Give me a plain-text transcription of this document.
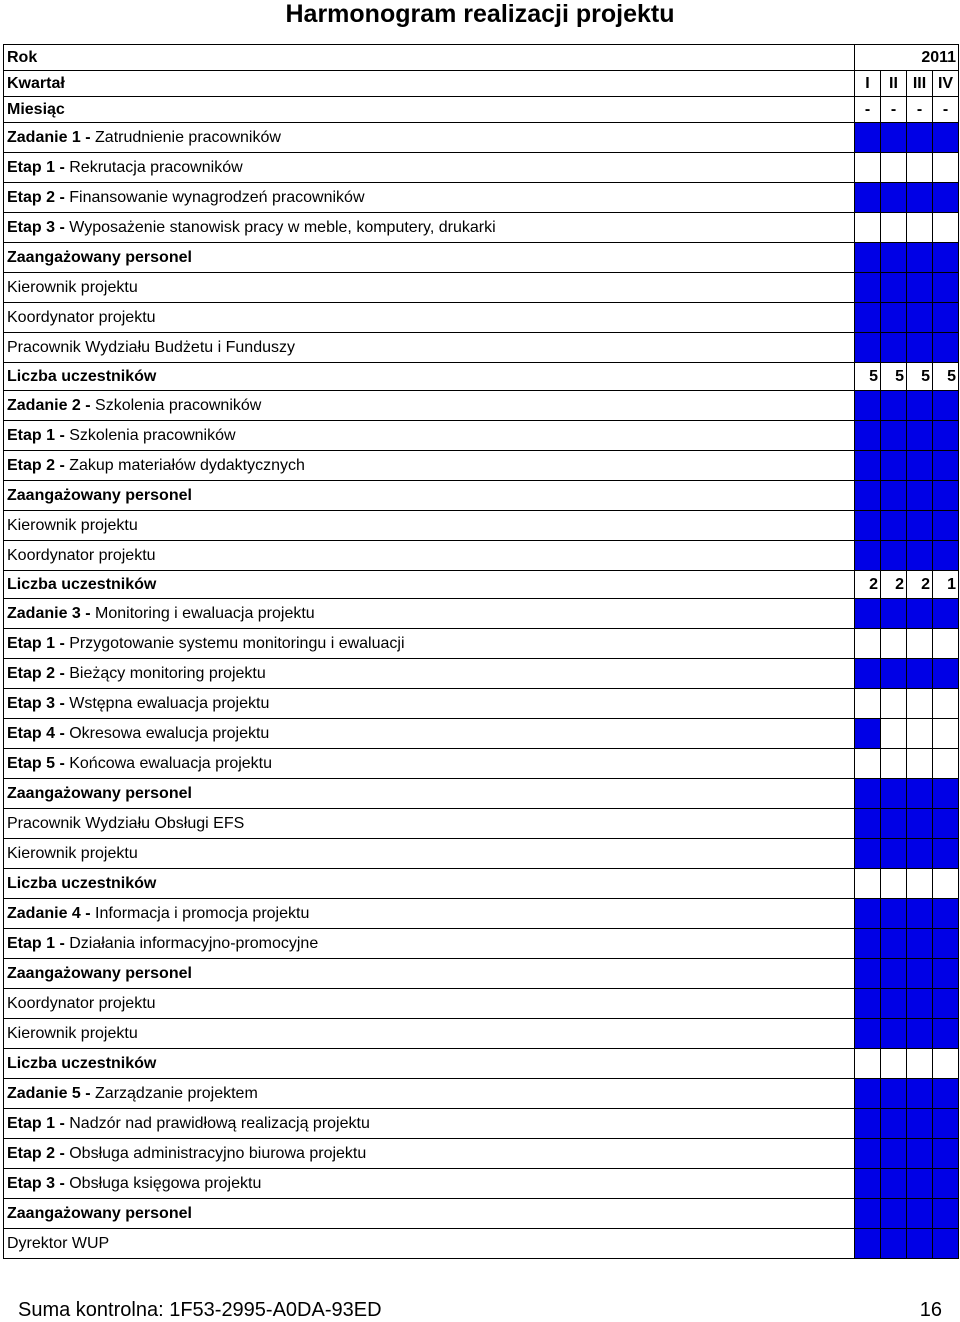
Harmonogram realizacji projektu
Rok	2011			
Kwartał	I	II	III	IV
Miesiąc	-	-	-	-
Zadanie 1 - Zatrudnienie pracowników				
Etap 1 - Rekrutacja pracowników				
Etap 2 - Finansowanie wynagrodzeń pracowników				
Etap 3 - Wyposażenie stanowisk pracy w meble, komputery, drukarki				
Zaangażowany personel				
Kierownik projektu				
Koordynator projektu				
Pracownik Wydziału Budżetu i Funduszy				
Liczba uczestników	5	5	5	5
Zadanie 2 - Szkolenia pracowników				
Etap 1 - Szkolenia pracowników				
Etap 2 - Zakup materiałów dydaktycznych				
Zaangażowany personel				
Kierownik projektu				
Koordynator projektu				
Liczba uczestników	2	2	2	1
Zadanie 3 - Monitoring i ewaluacja projektu				
Etap 1 - Przygotowanie systemu monitoringu i ewaluacji				
Etap 2 - Bieżący monitoring projektu				
Etap 3 - Wstępna ewaluacja projektu				
Etap 4 - Okresowa ewalucja projektu				
Etap 5 - Końcowa ewaluacja projektu				
Zaangażowany personel				
Pracownik Wydziału Obsługi EFS				
Kierownik projektu				
Liczba uczestników				
Zadanie 4 - Informacja i promocja projektu				
Etap 1 - Działania informacyjno-promocyjne				
Zaangażowany personel				
Koordynator projektu				
Kierownik projektu				
Liczba uczestników				
Zadanie 5 - Zarządzanie projektem				
Etap 1 - Nadzór nad prawidłową realizacją projektu				
Etap 2 - Obsługa administracyjno biurowa projektu				
Etap 3 - Obsługa księgowa projektu				
Zaangażowany personel				
Dyrektor WUP				
Suma kontrolna: 1F53-2995-A0DA-93ED	16
